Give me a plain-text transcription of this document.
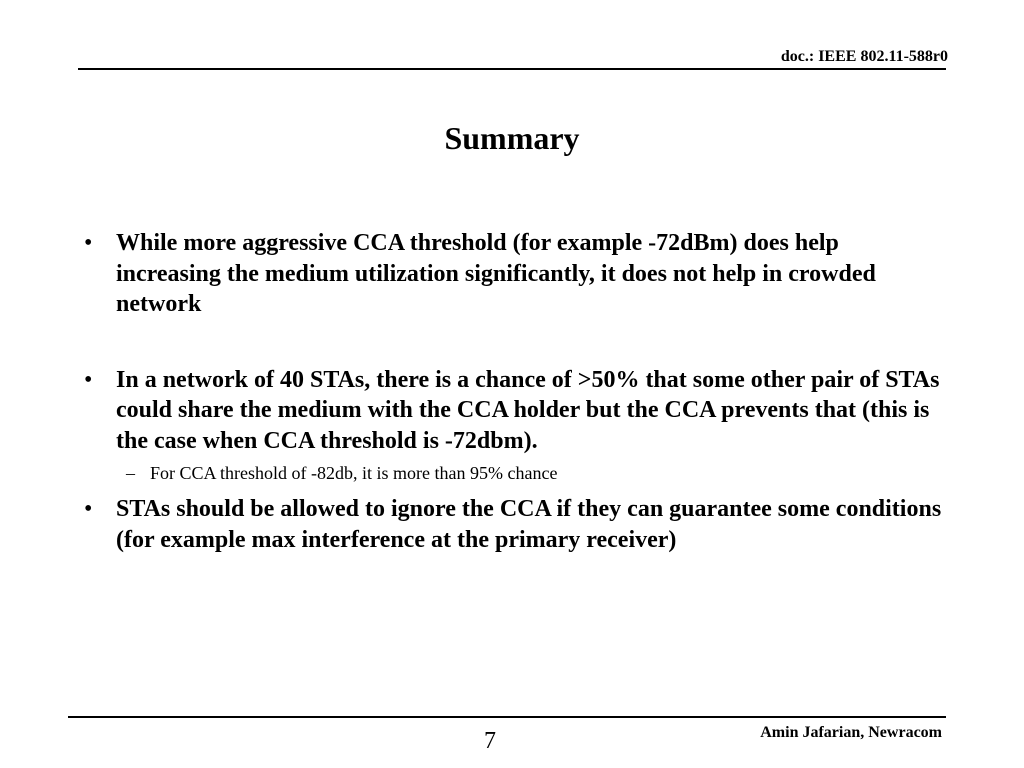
doc.: IEEE 802.11-588r0
Summary
• While more aggressive CCA threshold (for example -72dBm) does help increasing the medium utilization significantly, it does not help in crowded network
• In a network of 40 STAs, there is a chance of >50% that some other pair of STAs could share the medium with the CCA holder but the CCA prevents that (this is the case when CCA threshold is -72dbm).
– For CCA threshold of -82db, it is more than 95% chance
• STAs should be allowed to ignore the CCA if they can guarantee some conditions (for example max interference at the primary receiver)
7	Amin Jafarian, Newracom
